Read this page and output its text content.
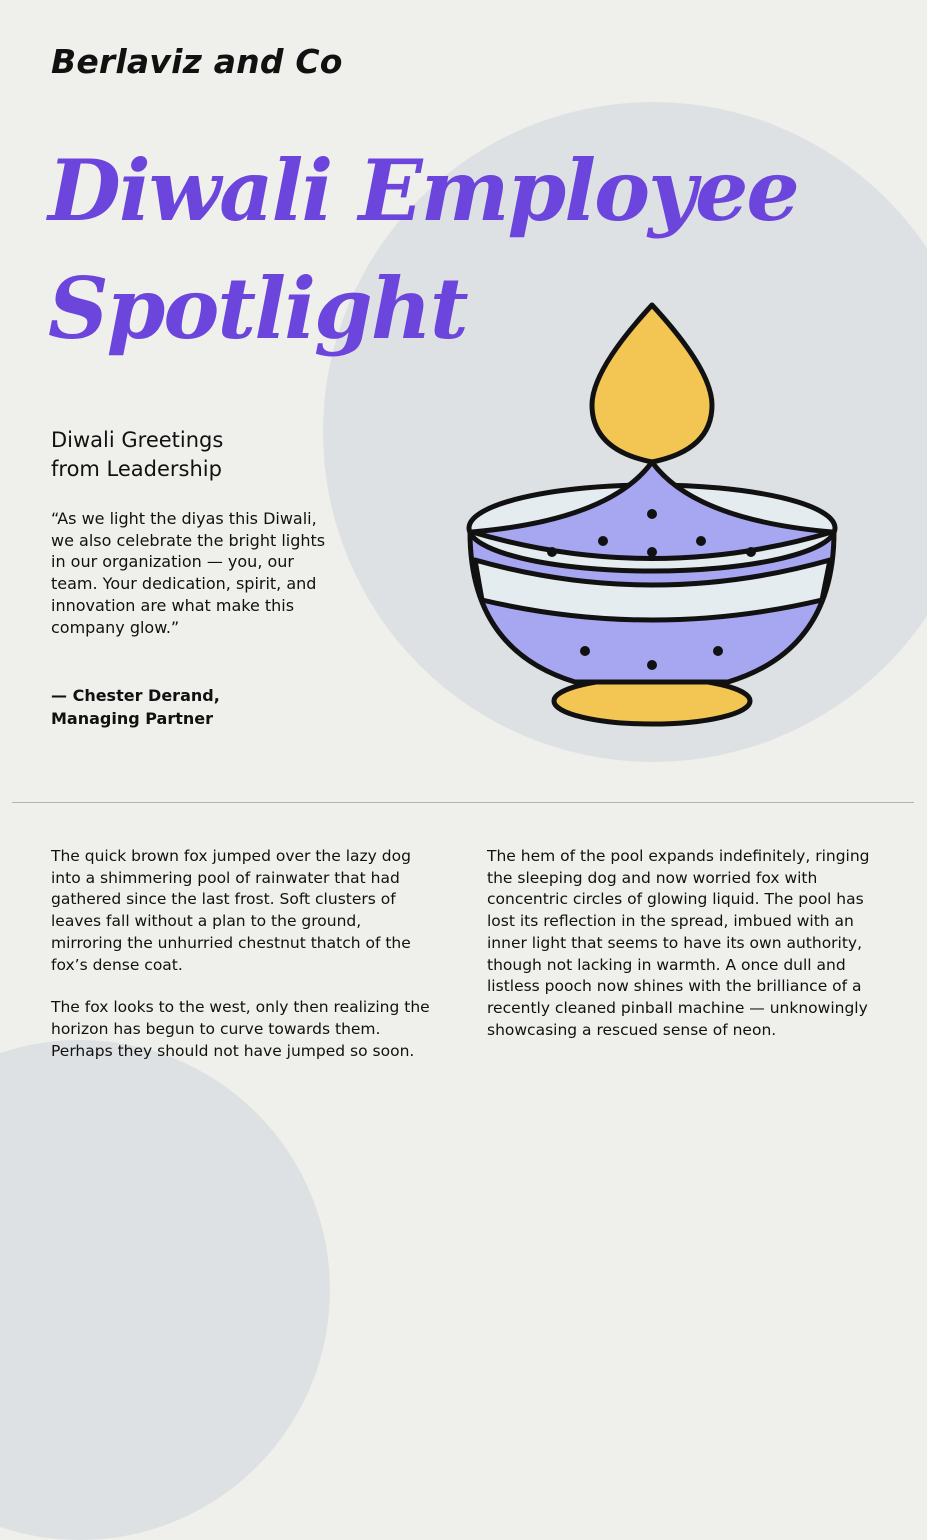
Berlaviz and Co
Diwali Employee
Spotlight
Diwali Greetings
from Leadership

“As we light the diyas this Diwali, we also celebrate the bright lights in our organization — you, our team. Your dedication, spirit, and innovation are what make this company glow.”

— Chester Derand,
Managing Partner

The quick brown fox jumped over the lazy dog into a shimmering pool of rainwater that had gathered since the last frost. Soft clusters of leaves fall without a plan to the ground, mirroring the unhurried chestnut thatch of the fox’s dense coat.

The fox looks to the west, only then realizing the horizon has begun to curve towards them. Perhaps they should not have jumped so soon.

The hem of the pool expands indefinitely, ringing the sleeping dog and now worried fox with concentric circles of glowing liquid. The pool has lost its reflection in the spread, imbued with an inner light that seems to have its own authority, though not lacking in warmth. A once dull and listless pooch now shines with the brilliance of a recently cleaned pinball machine — unknowingly showcasing a rescued sense of neon.
